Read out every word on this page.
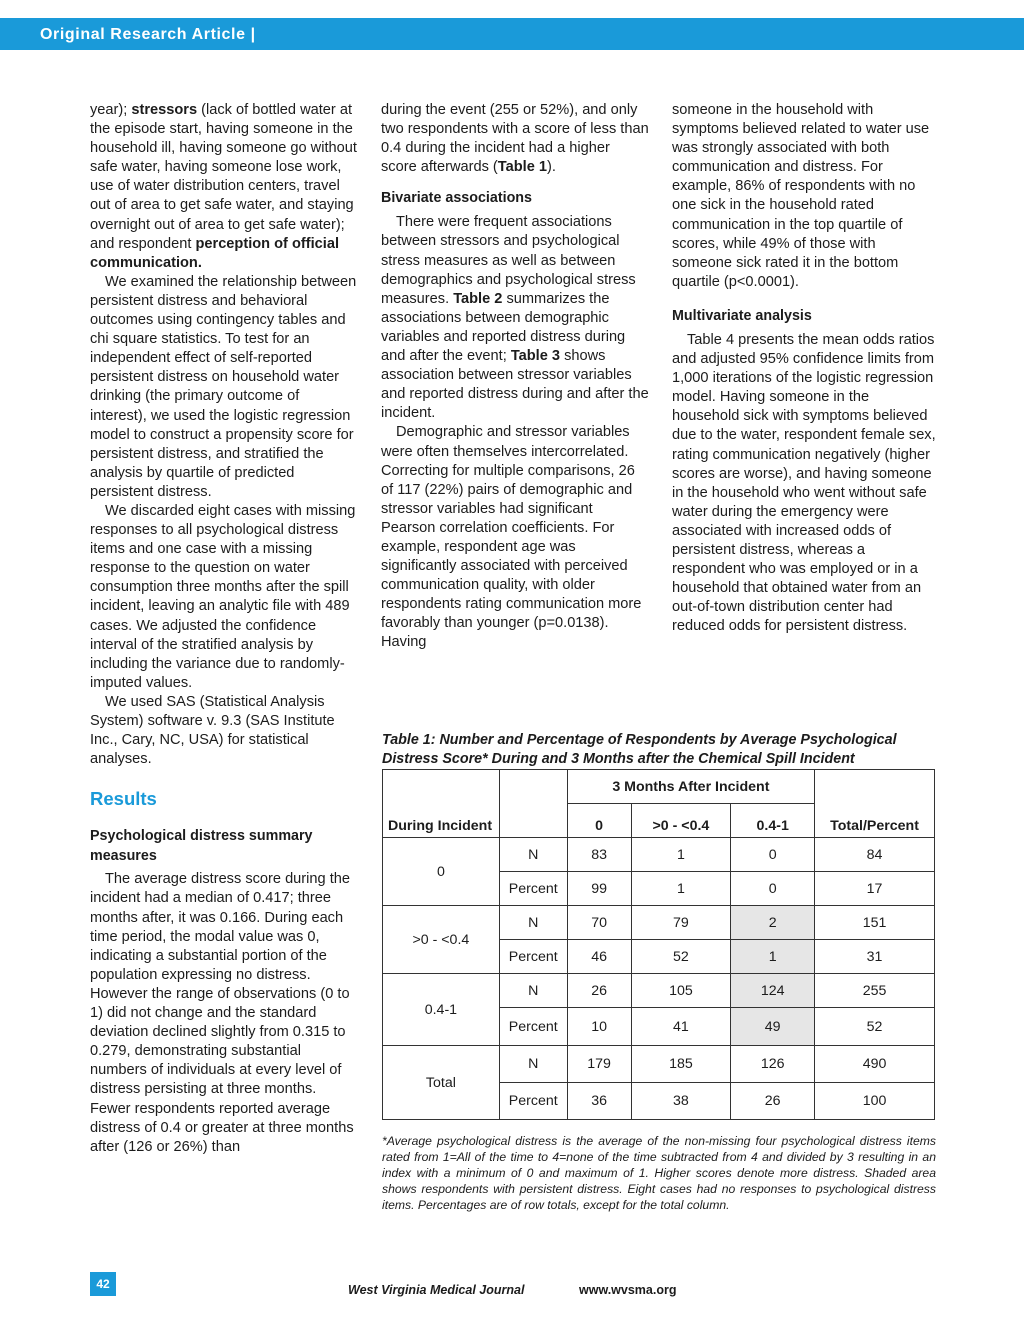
Original Research Article |

year); stressors (lack of bottled water at the episode start, having someone in the household ill, having someone go without safe water, having someone lose work, use of water distribution centers, travel out of area to get safe water, and staying overnight out of area to get safe water); and respondent perception of official communication.

We examined the relationship between persistent distress and behavioral outcomes using contingency tables and chi square statistics. To test for an independent effect of self-reported persistent distress on household water drinking (the primary outcome of interest), we used the logistic regression model to construct a propensity score for persistent distress, and stratified the analysis by quartile of predicted persistent distress.

We discarded eight cases with missing responses to all psychological distress items and one case with a missing response to the question on water consumption three months after the spill incident, leaving an analytic file with 489 cases. We adjusted the confidence interval of the stratified analysis by including the variance due to randomly-imputed values.

We used SAS (Statistical Analysis System) software v. 9.3 (SAS Institute Inc., Cary, NC, USA) for statistical analyses.

Results
Psychological distress summary measures

The average distress score during the incident had a median of 0.417; three months after, it was 0.166. During each time period, the modal value was 0, indicating a substantial portion of the population expressing no distress. However the range of observations (0 to 1) did not change and the standard deviation declined slightly from 0.315 to 0.279, demonstrating substantial numbers of individuals at every level of distress persisting at three months. Fewer respondents reported average distress of 0.4 or greater at three months after (126 or 26%) than

during the event (255 or 52%), and only two respondents with a score of less than 0.4 during the incident had a higher score afterwards (Table 1).

Bivariate associations

There were frequent associations between stressors and psychological stress measures as well as between demographics and psychological stress measures. Table 2 summarizes the associations between demographic variables and reported distress during and after the event; Table 3 shows association between stressor variables and reported distress during and after the incident.

Demographic and stressor variables were often themselves intercorrelated. Correcting for multiple comparisons, 26 of 117 (22%) pairs of demographic and stressor variables had significant Pearson correlation coefficients. For example, respondent age was significantly associated with perceived communication quality, with older respondents rating communication more favorably than younger (p=0.0138). Having

someone in the household with symptoms believed related to water use was strongly associated with both communication and distress. For example, 86% of respondents with no one sick in the household rated communication in the top quartile of scores, while 49% of those with someone sick rated it in the bottom quartile (p<0.0001).

Multivariate analysis

Table 4 presents the mean odds ratios and adjusted 95% confidence limits from 1,000 iterations of the logistic regression model. Having someone in the household sick with symptoms believed due to the water, respondent female sex, rating communication negatively (higher scores are worse), and having someone in the household who went without safe water during the emergency were associated with increased odds of persistent distress, whereas a respondent who was employed or in a household that obtained water from an out-of-town distribution center had reduced odds for persistent distress.

Table 1: Number and Percentage of Respondents by Average Psychological Distress Score* During and 3 Months after the Chemical Spill Incident
During Incident		3 Months After Incident			Total/Percent
		0	>0 - <0.4	0.4-1	
0	N	83	1	0	84
	Percent	99	1	0	17
>0 - <0.4	N	70	79	2	151
	Percent	46	52	1	31
0.4-1	N	26	105	124	255
	Percent	10	41	49	52
Total	N	179	185	126	490
	Percent	36	38	26	100
*Average psychological distress is the average of the non-missing four psychological distress items rated from 1=All of the time to 4=none of the time subtracted from 4 and divided by 3 resulting in an index with a minimum of 0 and maximum of 1. Higher scores denote more distress. Shaded area shows respondents with persistent distress. Eight cases had no responses to psychological distress items. Percentages are of row totals, except for the total column.
42	West Virginia Medical Journal	www.wvsma.org
